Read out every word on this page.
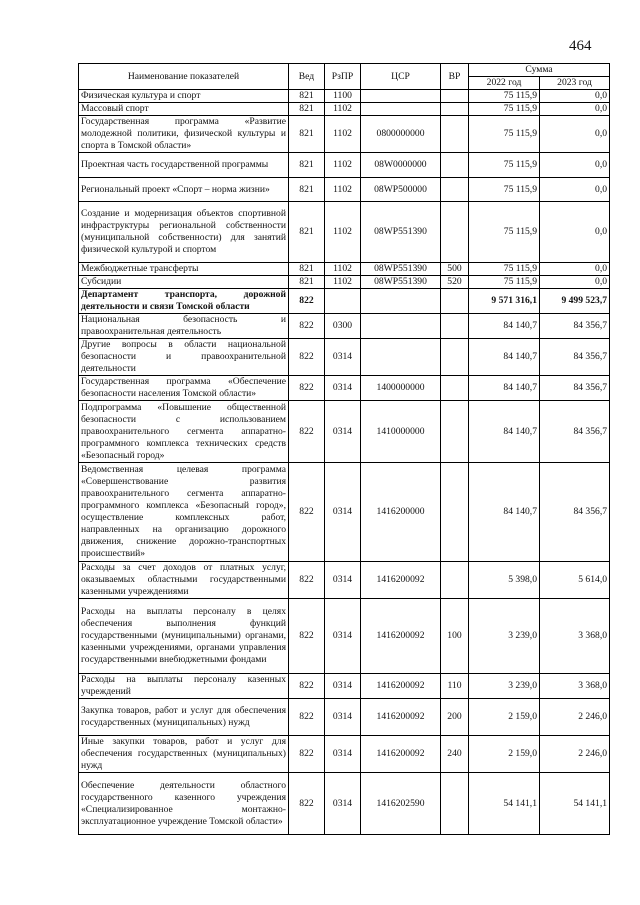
464
Наименование показателей	Вед	РзПР	ЦСР	ВР	Сумма	
					2022 год	2023 год
Физическая культура и спорт	821	1100			75 115,9	0,0
Массовый спорт	821	1102			75 115,9	0,0
Государственная программа «Развитие молодежной политики, физической культуры и спорта в Томской области»	821	1102	0800000000		75 115,9	0,0
Проектная часть государственной программы	821	1102	08W0000000		75 115,9	0,0
Региональный проект «Спорт – норма жизни»	821	1102	08WP500000		75 115,9	0,0
Создание и модернизация объектов спортивной инфраструктуры региональной собственности (муниципальной собственности) для занятий физической культурой и спортом	821	1102	08WP551390		75 115,9	0,0
Межбюджетные трансферты	821	1102	08WP551390	500	75 115,9	0,0
Субсидии	821	1102	08WP551390	520	75 115,9	0,0
Департамент транспорта, дорожной деятельности и связи Томской области	822				9 571 316,1	9 499 523,7
Национальная безопасность и правоохранительная деятельность	822	0300			84 140,7	84 356,7
Другие вопросы в области национальной безопасности и правоохранительной деятельности	822	0314			84 140,7	84 356,7
Государственная программа «Обеспечение безопасности населения Томской области»	822	0314	1400000000		84 140,7	84 356,7
Подпрограмма «Повышение общественной безопасности с использованием правоохранительного сегмента аппаратно-программного комплекса технических средств «Безопасный город»	822	0314	1410000000		84 140,7	84 356,7
Ведомственная целевая программа «Совершенствование развития правоохранительного сегмента аппаратно-программного комплекса «Безопасный город», осуществление комплексных работ, направленных на организацию дорожного движения, снижение дорожно-транспортных происшествий»	822	0314	1416200000		84 140,7	84 356,7
Расходы за счет доходов от платных услуг, оказываемых областными государственными казенными учреждениями	822	0314	1416200092		5 398,0	5 614,0
Расходы на выплаты персоналу в целях обеспечения выполнения функций государственными (муниципальными) органами, казенными учреждениями, органами управления государственными внебюджетными фондами	822	0314	1416200092	100	3 239,0	3 368,0
Расходы на выплаты персоналу казенных учреждений	822	0314	1416200092	110	3 239,0	3 368,0
Закупка товаров, работ и услуг для обеспечения государственных (муниципальных) нужд	822	0314	1416200092	200	2 159,0	2 246,0
Иные закупки товаров, работ и услуг для обеспечения государственных (муниципальных) нужд	822	0314	1416200092	240	2 159,0	2 246,0
Обеспечение деятельности областного государственного казенного учреждения «Специализированное монтажно-эксплуатационное учреждение Томской области»	822	0314	1416202590		54 141,1	54 141,1
